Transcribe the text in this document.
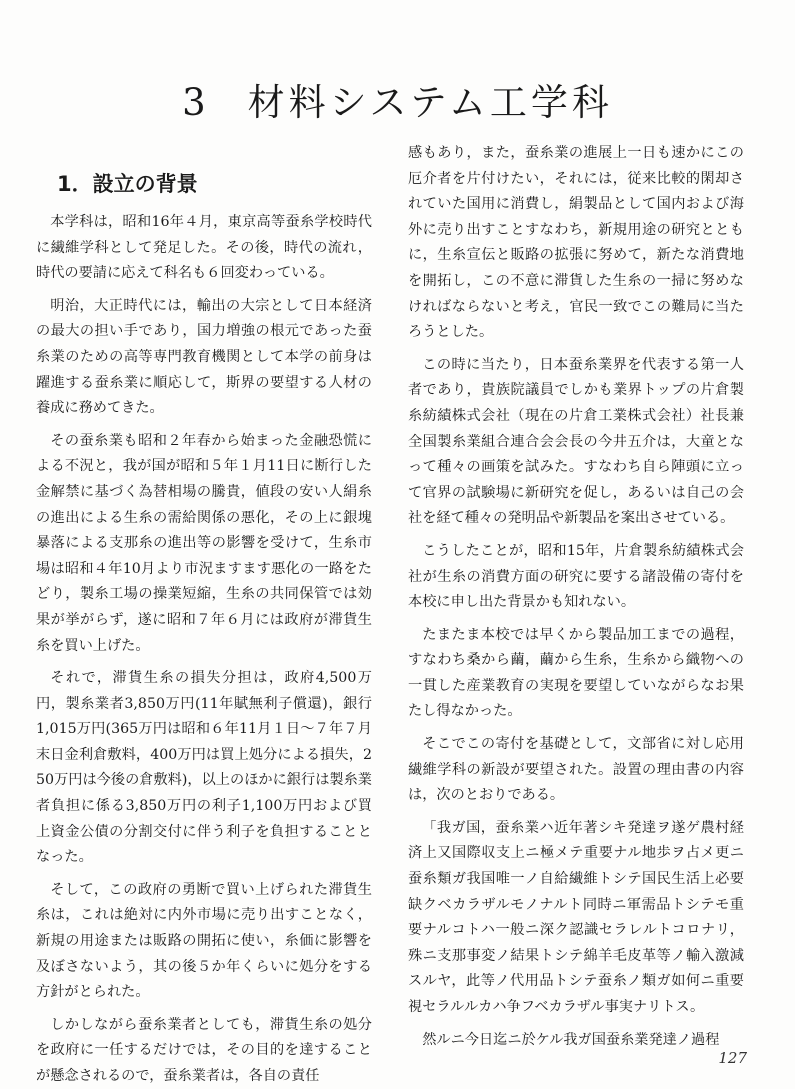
3 材料システム工学科
1．設立の背景

本学科は，昭和16年４月，東京高等蚕糸学校時代に繊維学科として発足した。その後，時代の流れ，時代の要請に応えて科名も６回変わっている。

明治，大正時代には，輸出の大宗として日本経済の最大の担い手であり，国力増強の根元であった蚕糸業のための高等専門教育機関として本学の前身は躍進する蚕糸業に順応して，斯界の要望する人材の養成に務めてきた。

その蚕糸業も昭和２年春から始まった金融恐慌による不況と，我が国が昭和５年１月11日に断行した金解禁に基づく為替相場の騰貴，値段の安い人絹糸の進出による生糸の需給関係の悪化，その上に銀塊暴落による支那糸の進出等の影響を受けて，生糸市場は昭和４年10月より市況ますます悪化の一路をたどり，製糸工場の操業短縮，生糸の共同保管では効果が挙がらず，遂に昭和７年６月には政府が滞貨生糸を買い上げた。

それで，滞貨生糸の損失分担は，政府4,500万円，製糸業者3,850万円(11年賦無利子償還)，銀行1,015万円(365万円は昭和６年11月１日～７年７月末日金利倉敷料，400万円は買上処分による損失，250万円は今後の倉敷料)，以上のほかに銀行は製糸業者負担に係る3,850万円の利子1,100万円および買上資金公債の分割交付に伴う利子を負担することとなった。

そして，この政府の勇断で買い上げられた滞貨生糸は，これは絶対に内外市場に売り出すことなく，新規の用途または販路の開拓に使い，糸価に影響を及ぼさないよう，其の後５か年くらいに処分をする方針がとられた。

しかしながら蚕糸業者としても，滞貨生糸の処分を政府に一任するだけでは，その目的を達することが懸念されるので，蚕糸業者は，各自の責任

感もあり，また，蚕糸業の進展上一日も速かにこの厄介者を片付けたい，それには，従来比較的閑却されていた国用に消費し，絹製品として国内および海外に売り出すことすなわち，新規用途の研究とともに，生糸宣伝と販路の拡張に努めて，新たな消費地を開拓し，この不意に滞貨した生糸の一掃に努めなければならないと考え，官民一致でこの難局に当たろうとした。

この時に当たり，日本蚕糸業界を代表する第一人者であり，貴族院議員でしかも業界トップの片倉製糸紡績株式会社（現在の片倉工業株式会社）社長兼全国製糸業組合連合会会長の今井五介は，大童となって種々の画策を試みた。すなわち自ら陣頭に立って官界の試験場に新研究を促し，あるいは自己の会社を経て種々の発明品や新製品を案出させている。

こうしたことが，昭和15年，片倉製糸紡績株式会社が生糸の消費方面の研究に要する諸設備の寄付を本校に申し出た背景かも知れない。

たまたま本校では早くから製品加工までの過程，すなわち桑から繭，繭から生糸，生糸から織物への一貫した産業教育の実現を要望していながらなお果たし得なかった。

そこでこの寄付を基礎として，文部省に対し応用繊維学科の新設が要望された。設置の理由書の内容は，次のとおりである。

「我ガ国，蚕糸業ハ近年著シキ発達ヲ遂ゲ農村経済上又国際収支上ニ極メテ重要ナル地歩ヲ占メ更ニ蚕糸類ガ我国唯一ノ自給繊維トシテ国民生活上必要缺クベカラザルモノナルト同時ニ軍需品トシテモ重要ナルコトハ一般ニ深ク認識セラレルトコロナリ，殊ニ支那事変ノ結果トシテ綿羊毛皮革等ノ輸入激減スルヤ，此等ノ代用品トシテ蚕糸ノ類ガ如何ニ重要視セラルルカハ争フベカラザル事実ナリトス。

然ルニ今日迄ニ於ケル我ガ国蚕糸業発達ノ過程

127
